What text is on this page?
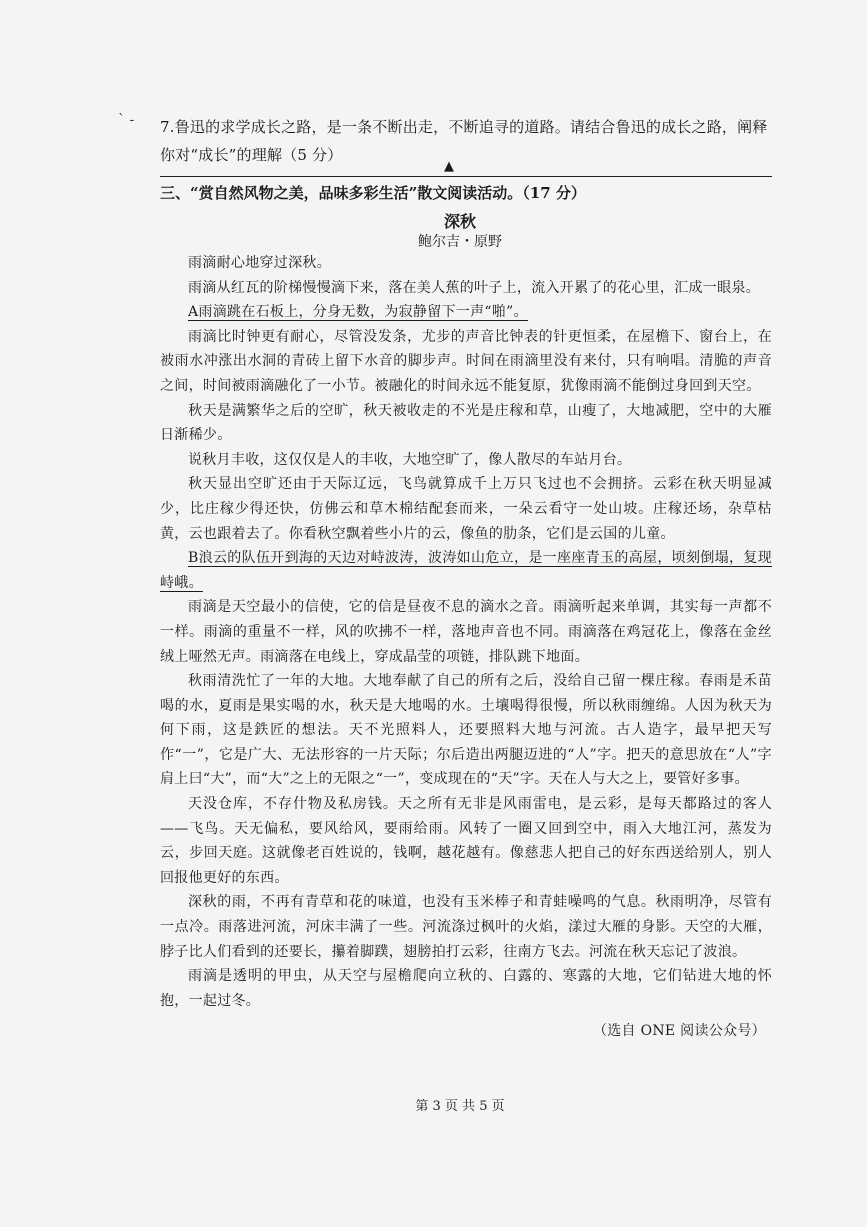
` - 7.鲁迅的求学成长之路，是一条不断出走，不断追寻的道路。请结合鲁迅的成长之路，阐释你对“成长”的理解（5 分）
▲
三、“赏自然风物之美，品味多彩生活”散文阅读活动。（17 分）
深秋
鲍尔吉・原野

雨滴耐心地穿过深秋。

雨滴从红瓦的阶梯慢慢滴下来，落在美人蕉的叶子上，流入开累了的花心里，汇成一眼泉。

A雨滴跳在石板上，分身无数，为寂静留下一声“啪”。

雨滴比时钟更有耐心，尽管没发条，尤步的声音比钟表的针更恒柔，在屋檐下、窗台上，在被雨水冲涨出水洞的青砖上留下水音的脚步声。时间在雨滴里没有来付，只有响唱。清脆的声音之间，时间被雨滴融化了一小节。被融化的时间永远不能复原，犹像雨滴不能倒过身回到天空。

秋天是满繁华之后的空旷，秋天被收走的不光是庄稼和草，山瘦了，大地减肥，空中的大雁日渐稀少。

说秋月丰收，这仅仅是人的丰收，大地空旷了，像人散尽的车站月台。

秋天显出空旷还由于天际辽远，飞鸟就算成千上万只飞过也不会拥挤。云彩在秋天明显减少，比庄稼少得还快，仿佛云和草木棉结配套而来，一朵云看守一处山坡。庄稼还场，杂草枯黄，云也跟着去了。你看秋空飘着些小片的云，像鱼的肋条，它们是云国的儿童。

B浪云的队伍开到海的天边对峙波涛，波涛如山危立，是一座座青玉的高屋，顷刻倒塌，复现峙峨。

雨滴是天空最小的信使，它的信是昼夜不息的滴水之音。雨滴听起来单调，其实每一声都不一样。雨滴的重量不一样，风的吹拂不一样，落地声音也不同。雨滴落在鸡冠花上，像落在金丝绒上哑然无声。雨滴落在电线上，穿成晶莹的项链，排队跳下地面。

秋雨清洗忙了一年的大地。大地奉献了自己的所有之后，没给自己留一棵庄稼。春雨是禾苗喝的水，夏雨是果实喝的水，秋天是大地喝的水。土壤喝得很慢，所以秋雨缠绵。人因为秋天为何下雨，这是鉄匠的想法。天不光照料人，还要照料大地与河流。古人造字，最早把天写作“一”，它是广大、无法形容的一片天际；尔后造出两腿迈进的“人”字。把天的意思放在“人”字肩上曰“大”，而“大”之上的无限之“一”，变成现在的“天”字。天在人与大之上，要管好多事。

天没仓库，不存什物及私房钱。天之所有无非是风雨雷电，是云彩，是每天都路过的客人——飞鸟。天无偏私，要风给风，要雨给雨。风转了一圈又回到空中，雨入大地江河，蒸发为云，步回天庭。这就像老百姓说的，钱啊，越花越有。像慈悲人把自己的好东西送给别人，别人回报他更好的东西。

深秋的雨，不再有青草和花的味道，也没有玉米棒子和青蛙噪鸣的气息。秋雨明净，尽管有一点冷。雨落进河流，河床丰满了一些。河流涤过枫叶的火焰，漾过大雁的身影。天空的大雁，脖子比人们看到的还要长，攥着脚蹼，翅膀拍打云彩，往南方飞去。河流在秋天忘记了波浪。

雨滴是透明的甲虫，从天空与屋檐爬向立秋的、白露的、寒露的大地，它们钻进大地的怀抱，一起过冬。

（选自 ONE 阅读公众号）

第 3 页 共 5 页
